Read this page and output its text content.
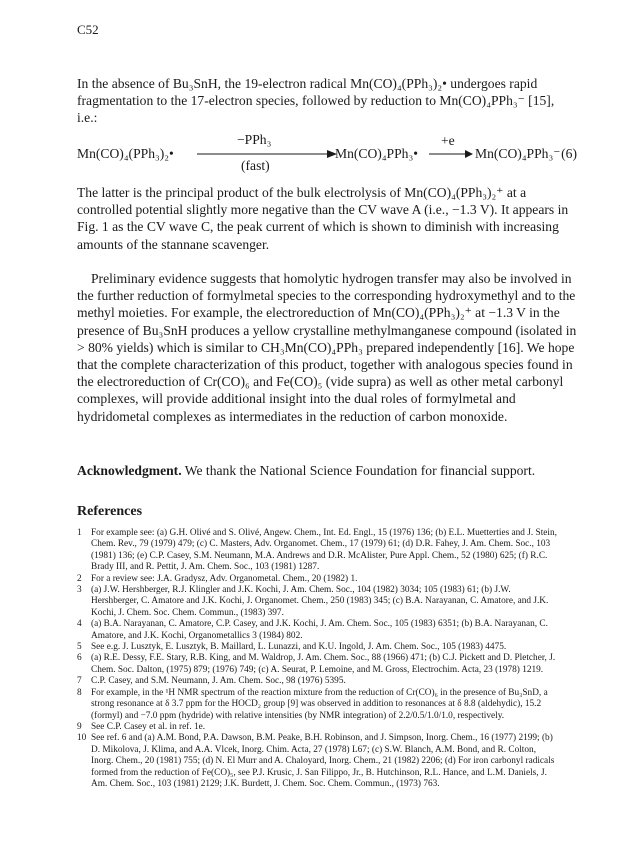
C52
In the absence of Bu₃SnH, the 19-electron radical Mn(CO)₄(PPh₃)₂• undergoes rapid fragmentation to the 17-electron species, followed by reduction to Mn(CO)₄PPh₃⁻ [15], i.e.:
Mn(CO)₄(PPh₃)₂•
−PPh₃
(fast)
Mn(CO)₄PPh₃•
+e
Mn(CO)₄PPh₃⁻ (6)
The latter is the principal product of the bulk electrolysis of Mn(CO)₄(PPh₃)₂⁺ at a controlled potential slightly more negative than the CV wave A (i.e., −1.3 V). It appears in Fig. 1 as the CV wave C, the peak current of which is shown to diminish with increasing amounts of the stannane scavenger.
Preliminary evidence suggests that homolytic hydrogen transfer may also be involved in the further reduction of formylmetal species to the corresponding hydroxymethyl and to the methyl moieties. For example, the electroreduction of Mn(CO)₄(PPh₃)₂⁺ at −1.3 V in the presence of Bu₃SnH produces a yellow crystalline methylmanganese compound (isolated in > 80% yields) which is similar to CH₃Mn(CO)₄PPh₃ prepared independently [16]. We hope that the complete characterization of this product, together with analogous species found in the electroreduction of Cr(CO)₆ and Fe(CO)₅ (vide supra) as well as other metal carbonyl complexes, will provide additional insight into the dual roles of formylmetal and hydridometal complexes as intermediates in the reduction of carbon monoxide.
Acknowledgment. We thank the National Science Foundation for financial support.
References
1	For example see: (a) G.H. Olivé and S. Olivé, Angew. Chem., Int. Ed. Engl., 15 (1976) 136; (b) E.L. Muetterties and J. Stein, Chem. Rev., 79 (1979) 479; (c) C. Masters, Adv. Organomet. Chem., 17 (1979) 61; (d) D.R. Fahey, J. Am. Chem. Soc., 103 (1981) 136; (e) C.P. Casey, S.M. Neumann, M.A. Andrews and D.R. McAlister, Pure Appl. Chem., 52 (1980) 625; (f) R.C. Brady III, and R. Pettit, J. Am. Chem. Soc., 103 (1981) 1287.
2	For a review see: J.A. Gradysz, Adv. Organometal. Chem., 20 (1982) 1.
3	(a) J.W. Hershberger, R.J. Klingler and J.K. Kochi, J. Am. Chem. Soc., 104 (1982) 3034; 105 (1983) 61; (b) J.W. Hershberger, C. Amatore and J.K. Kochi, J. Organomet. Chem., 250 (1983) 345; (c) B.A. Narayanan, C. Amatore, and J.K. Kochi, J. Chem. Soc. Chem. Commun., (1983) 397.
4	(a) B.A. Narayanan, C. Amatore, C.P. Casey, and J.K. Kochi, J. Am. Chem. Soc., 105 (1983) 6351; (b) B.A. Narayanan, C. Amatore, and J.K. Kochi, Organometallics 3 (1984) 802.
5	See e.g. J. Lusztyk, E. Lusztyk, B. Maillard, L. Lunazzi, and K.U. Ingold, J. Am. Chem. Soc., 105 (1983) 4475.
6	(a) R.E. Dessy, F.E. Stary, R.B. King, and M. Waldrop, J. Am. Chem. Soc., 88 (1966) 471; (b) C.J. Pickett and D. Pletcher, J. Chem. Soc. Dalton, (1975) 879; (1976) 749; (c) A. Seurat, P. Lemoine, and M. Gross, Electrochim. Acta, 23 (1978) 1219.
7	C.P. Casey, and S.M. Neumann, J. Am. Chem. Soc., 98 (1976) 5395.
8	For example, in the ¹H NMR spectrum of the reaction mixture from the reduction of Cr(CO)₆ in the presence of Bu₃SnD, a strong resonance at δ 3.7 ppm for the HOCD₂ group [9] was observed in addition to resonances at δ 8.8 (aldehydic), 15.2 (formyl) and −7.0 ppm (hydride) with relative intensities (by NMR integration) of 2.2/0.5/1.0/1.0, respectively.
9	See C.P. Casey et al. in ref. 1e.
10 See ref. 6 and (a) A.M. Bond, P.A. Dawson, B.M. Peake, B.H. Robinson, and J. Simpson, Inorg. Chem., 16 (1977) 2199; (b) D. Mikolova, J. Klima, and A.A. Vlcek, Inorg. Chim. Acta, 27 (1978) L67; (c) S.W. Blanch, A.M. Bond, and R. Colton, Inorg. Chem., 20 (1981) 755; (d) N. El Murr and A. Chaloyard, Inorg. Chem., 21 (1982) 2206; (d) For iron carbonyl radicals formed from the reduction of Fe(CO)₅, see P.J. Krusic, J. San Filippo, Jr., B. Hutchinson, R.L. Hance, and L.M. Daniels, J. Am. Chem. Soc., 103 (1981) 2129; J.K. Burdett, J. Chem. Soc. Chem. Commun., (1973) 763.
